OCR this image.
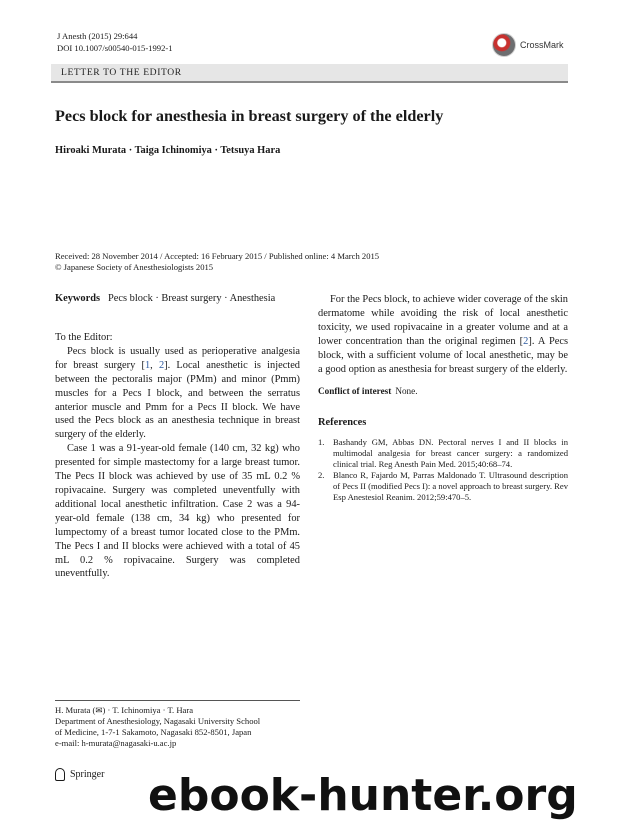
J Anesth (2015) 29:644
DOI 10.1007/s00540-015-1992-1	CrossMark
LETTER TO THE EDITOR
Pecs block for anesthesia in breast surgery of the elderly
Hiroaki Murata · Taiga Ichinomiya · Tetsuya Hara
Received: 28 November 2014 / Accepted: 16 February 2015 / Published online: 4 March 2015
© Japanese Society of Anesthesiologists 2015
Keywords Pecs block · Breast surgery · Anesthesia
To the Editor:
Pecs block is usually used as perioperative analgesia for breast surgery [1, 2]. Local anesthetic is injected between the pectoralis major (PMm) and minor (Pmm) muscles for a Pecs I block, and between the serratus anterior muscle and Pmm for a Pecs II block. We have used the Pecs block as an anesthesia technique in breast surgery of the elderly.
Case 1 was a 91-year-old female (140 cm, 32 kg) who presented for simple mastectomy for a large breast tumor. The Pecs II block was achieved by use of 35 mL 0.2 % ropivacaine. Surgery was completed uneventfully with additional local anesthetic infiltration. Case 2 was a 94-year-old female (138 cm, 34 kg) who presented for lumpectomy of a breast tumor located close to the PMm. The Pecs I and II blocks were achieved with a total of 45 mL 0.2 % ropivacaine. Surgery was completed uneventfully.
For the Pecs block, to achieve wider coverage of the skin dermatome while avoiding the risk of local anesthetic toxicity, we used ropivacaine in a greater volume and at a lower concentration than the original regimen [2]. A Pecs block, with a sufficient volume of local anesthetic, may be a good option as anesthesia for breast surgery of the elderly.
Conflict of interest None.
References
1. Bashandy GM, Abbas DN. Pectoral nerves I and II blocks in multimodal analgesia for breast cancer surgery: a randomized clinical trial. Reg Anesth Pain Med. 2015;40:68–74.
2. Blanco R, Fajardo M, Parras Maldonado T. Ultrasound description of Pecs II (modified Pecs I): a novel approach to breast surgery. Rev Esp Anestesiol Reanim. 2012;59:470–5.
H. Murata (✉) · T. Ichinomiya · T. Hara
Department of Anesthesiology, Nagasaki University School
of Medicine, 1-7-1 Sakamoto, Nagasaki 852-8501, Japan
e-mail: h-murata@nagasaki-u.ac.jp
Springer ebook-hunter.org
